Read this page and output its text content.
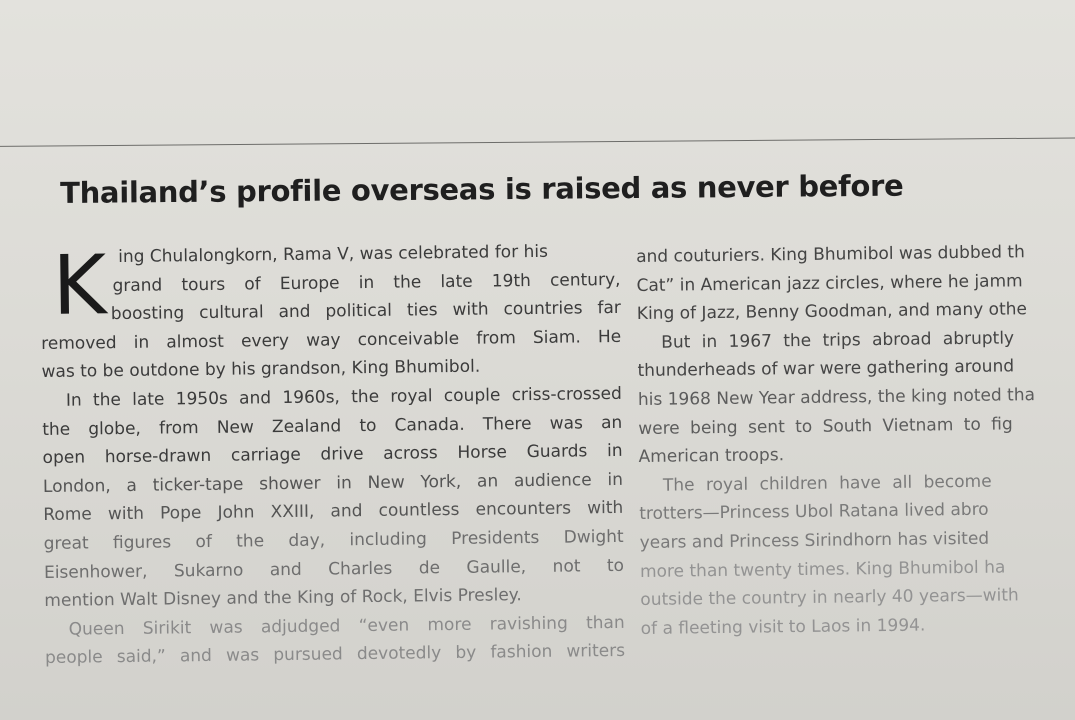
Thailand’s profile overseas is raised as never before
K ing Chulalongkorn, Rama V, was celebrated for his
grand tours of Europe in the late 19th century,
boosting cultural and political ties with countries far
removed in almost every way conceivable from Siam. He
was to be outdone by his grandson, King Bhumibol.
In the late 1950s and 1960s, the royal couple criss-crossed
the globe, from New Zealand to Canada. There was an
open horse-drawn carriage drive across Horse Guards in
London, a ticker-tape shower in New York, an audience in
Rome with Pope John XXIII, and countless encounters with
great figures of the day, including Presidents Dwight
Eisenhower, Sukarno and Charles de Gaulle, not to
mention Walt Disney and the King of Rock, Elvis Presley.
Queen Sirikit was adjudged “even more ravishing than
people said,” and was pursued devotedly by fashion writers
and couturiers. King Bhumibol was dubbed th
Cat” in American jazz circles, where he jamm
King of Jazz, Benny Goodman, and many othe
But in 1967 the trips abroad abruptly
thunderheads of war were gathering around
his 1968 New Year address, the king noted tha
were being sent to South Vietnam to fig
American troops.
The royal children have all become
trotters—Princess Ubol Ratana lived abro
years and Princess Sirindhorn has visited
more than twenty times. King Bhumibol ha
outside the country in nearly 40 years—with
of a fleeting visit to Laos in 1994.
